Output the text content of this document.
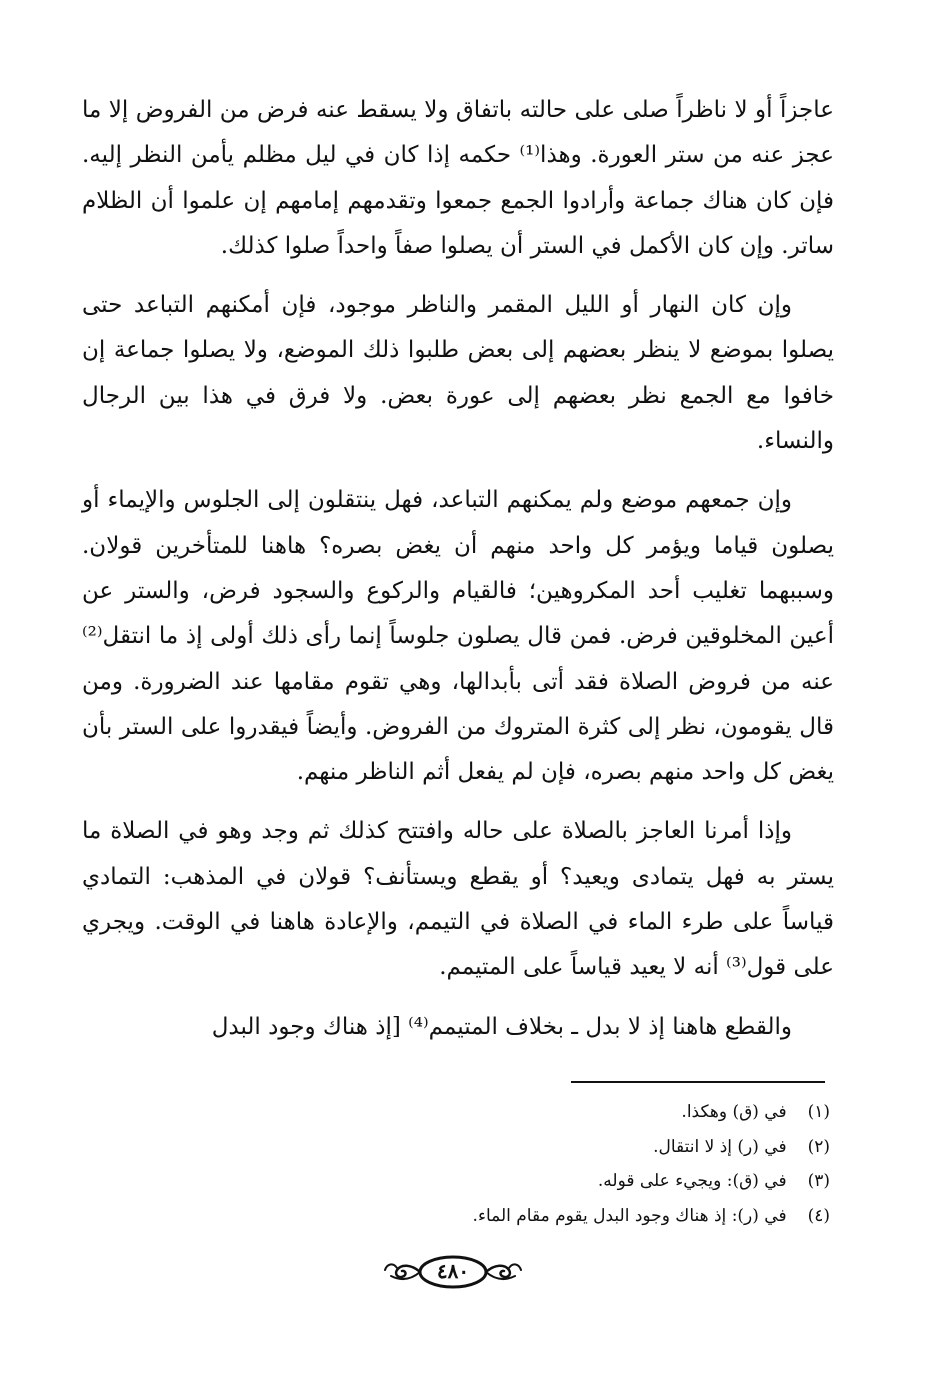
عاجزاً أو لا ناظراً صلى على حالته باتفاق ولا يسقط عنه فرض من الفروض إلا ما عجز عنه من ستر العورة. وهذا⁽¹⁾ حكمه إذا كان في ليل مظلم يأمن النظر إليه. فإن كان هناك جماعة وأرادوا الجمع جمعوا وتقدمهم إمامهم إن علموا أن الظلام ساتر. وإن كان الأكمل في الستر أن يصلوا صفاً واحداً صلوا كذلك.

وإن كان النهار أو الليل المقمر والناظر موجود، فإن أمكنهم التباعد حتى يصلوا بموضع لا ينظر بعضهم إلى بعض طلبوا ذلك الموضع، ولا يصلوا جماعة إن خافوا مع الجمع نظر بعضهم إلى عورة بعض. ولا فرق في هذا بين الرجال والنساء.

وإن جمعهم موضع ولم يمكنهم التباعد، فهل ينتقلون إلى الجلوس والإيماء أو يصلون قياما ويؤمر كل واحد منهم أن يغض بصره؟ هاهنا للمتأخرين قولان. وسببهما تغليب أحد المكروهين؛ فالقيام والركوع والسجود فرض، والستر عن أعين المخلوقين فرض. فمن قال يصلون جلوساً إنما رأى ذلك أولى إذ ما انتقل⁽²⁾ عنه من فروض الصلاة فقد أتى بأبدالها، وهي تقوم مقامها عند الضرورة. ومن قال يقومون، نظر إلى كثرة المتروك من الفروض. وأيضاً فيقدروا على الستر بأن يغض كل واحد منهم بصره، فإن لم يفعل أثم الناظر منهم.

وإذا أمرنا العاجز بالصلاة على حاله وافتتح كذلك ثم وجد وهو في الصلاة ما يستر به فهل يتمادى ويعيد؟ أو يقطع ويستأنف؟ قولان في المذهب: التمادي قياساً على طرء الماء في الصلاة في التيمم، والإعادة هاهنا في الوقت. ويجري على قول⁽³⁾ أنه لا يعيد قياساً على المتيمم.

والقطع هاهنا إذ لا بدل ـ بخلاف المتيمم⁽⁴⁾ [إذ هناك وجود البدل

(١) في (ق) وهكذا.
(٢) في (ر) إذ لا انتقال.
(٣) في (ق): ويجيء على قوله.
(٤) في (ر): إذ هناك وجود البدل يقوم مقام الماء.
٤٨٠
